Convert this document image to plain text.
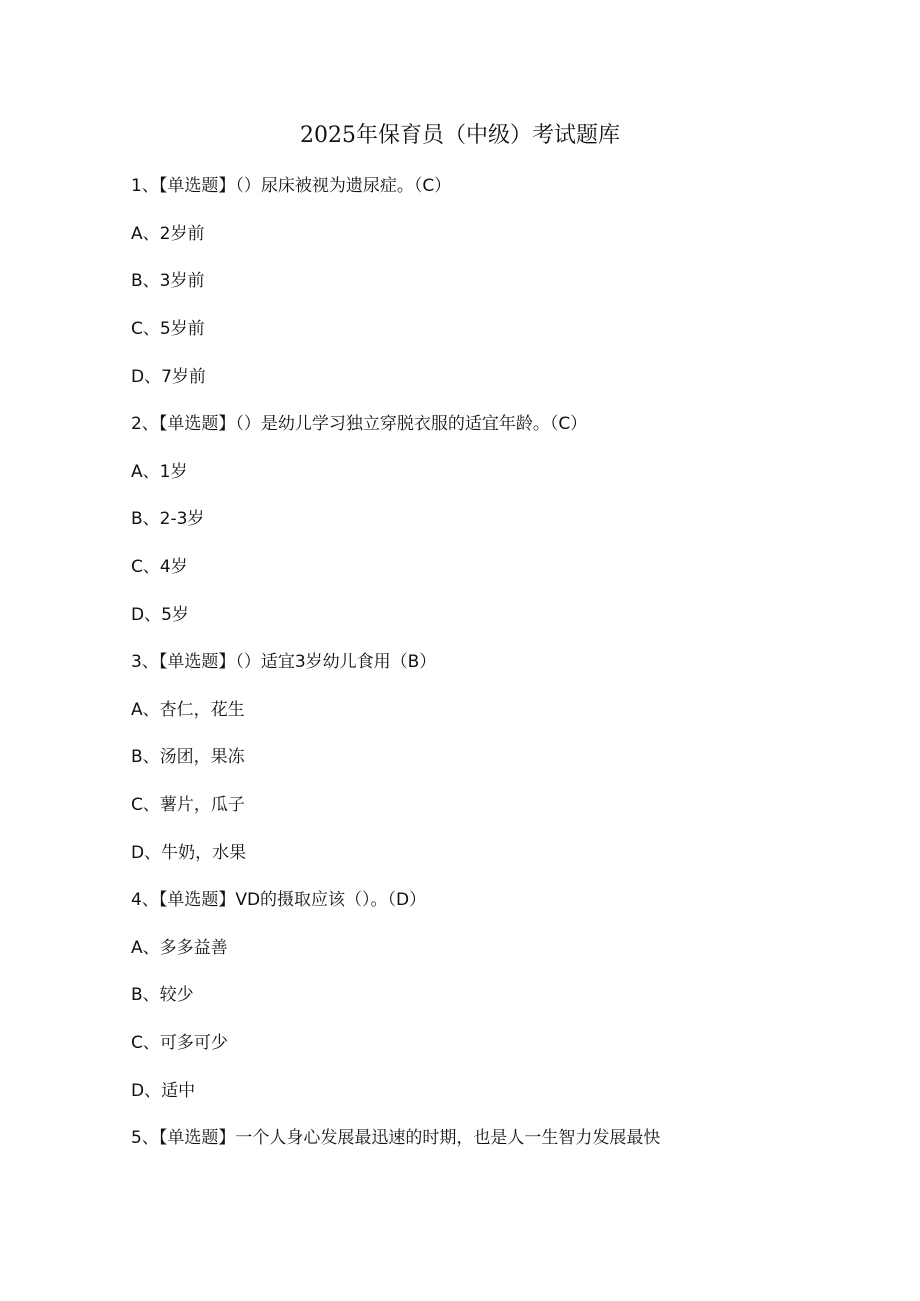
2025年保育员（中级）考试题库
1、【单选题】（）尿床被视为遗尿症。（C）
A、2岁前
B、3岁前
C、5岁前
D、7岁前
2、【单选题】（）是幼儿学习独立穿脱衣服的适宜年龄。（C）
A、1岁
B、2-3岁
C、4岁
D、5岁
3、【单选题】（）适宜3岁幼儿食用（B）
A、杏仁，花生
B、汤团，果冻
C、薯片，瓜子
D、牛奶，水果
4、【单选题】VD的摄取应该（）。（D）
A、多多益善
B、较少
C、可多可少
D、适中
5、【单选题】一个人身心发展最迅速的时期，也是人一生智力发展最快
